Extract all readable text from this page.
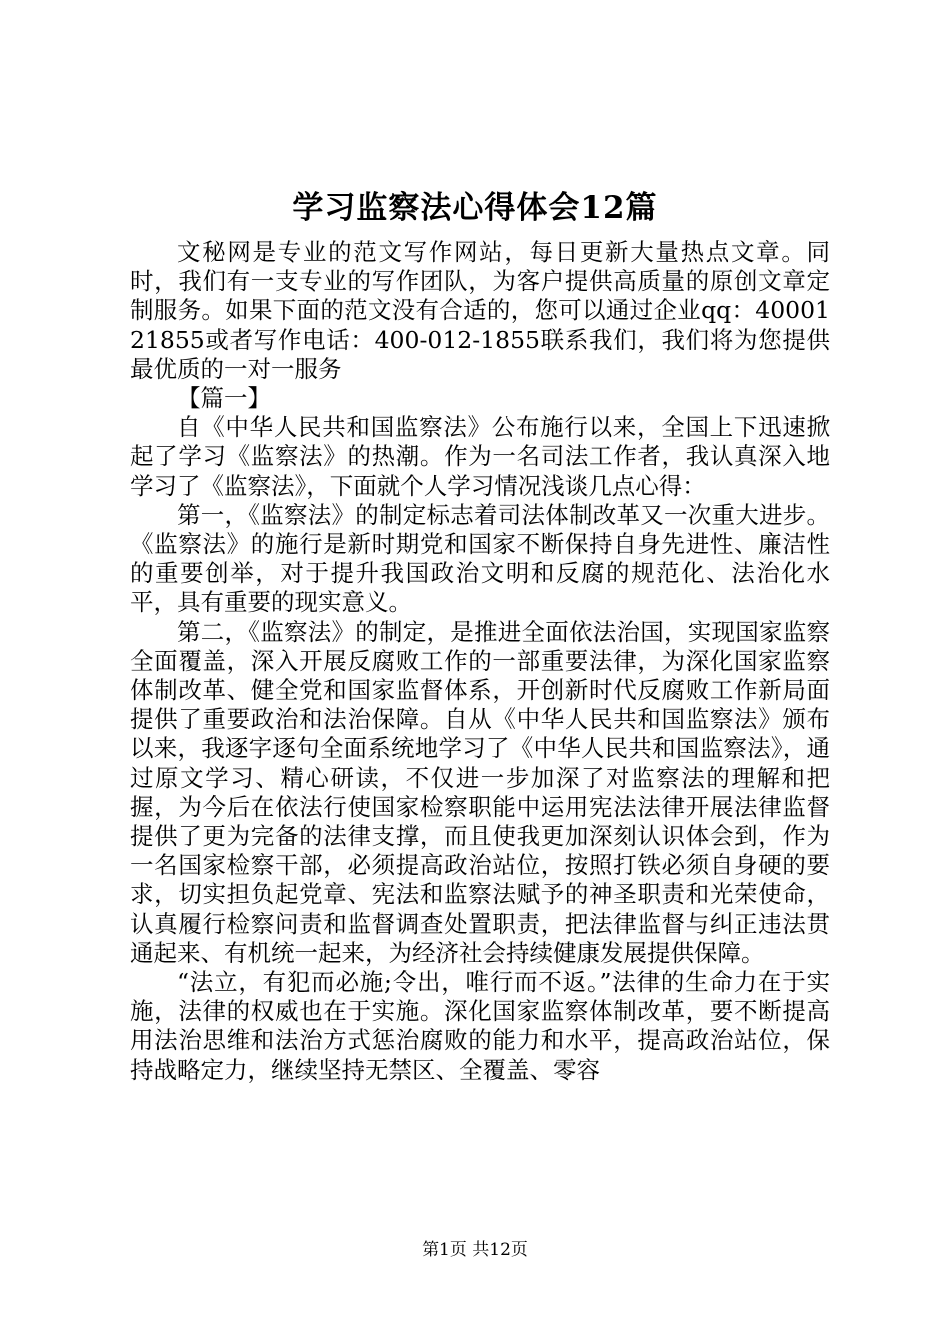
学习监察法心得体会12篇

文秘网是专业的范文写作网站，每日更新大量热点文章。同时，我们有一支专业的写作团队，为客户提供高质量的原创文章定制服务。如果下面的范文没有合适的，您可以通过企业qq：4000121855或者写作电话：400-012-1855联系我们，我们将为您提供最优质的一对一服务

【篇一】

自《中华人民共和国监察法》公布施行以来，全国上下迅速掀起了学习《监察法》的热潮。作为一名司法工作者，我认真深入地学习了《监察法》，下面就个人学习情况浅谈几点心得：

第一，《监察法》的制定标志着司法体制改革又一次重大进步。《监察法》的施行是新时期党和国家不断保持自身先进性、廉洁性的重要创举，对于提升我国政治文明和反腐的规范化、法治化水平，具有重要的现实意义。

第二，《监察法》的制定，是推进全面依法治国，实现国家监察全面覆盖，深入开展反腐败工作的一部重要法律，为深化国家监察体制改革、健全党和国家监督体系，开创新时代反腐败工作新局面提供了重要政治和法治保障。自从《中华人民共和国监察法》颁布以来，我逐字逐句全面系统地学习了《中华人民共和国监察法》，通过原文学习、精心研读，不仅进一步加深了对监察法的理解和把握，为今后在依法行使国家检察职能中运用宪法法律开展法律监督提供了更为完备的法律支撑，而且使我更加深刻认识体会到，作为一名国家检察干部，必须提高政治站位，按照打铁必须自身硬的要求，切实担负起党章、宪法和监察法赋予的神圣职责和光荣使命，认真履行检察问责和监督调查处置职责，把法律监督与纠正违法贯通起来、有机统一起来，为经济社会持续健康发展提供保障。

“法立，有犯而必施;令出，唯行而不返。”法律的生命力在于实施，法律的权威也在于实施。深化国家监察体制改革，要不断提高用法治思维和法治方式惩治腐败的能力和水平，提高政治站位，保持战略定力，继续坚持无禁区、全覆盖、零容

第1页 共12页
